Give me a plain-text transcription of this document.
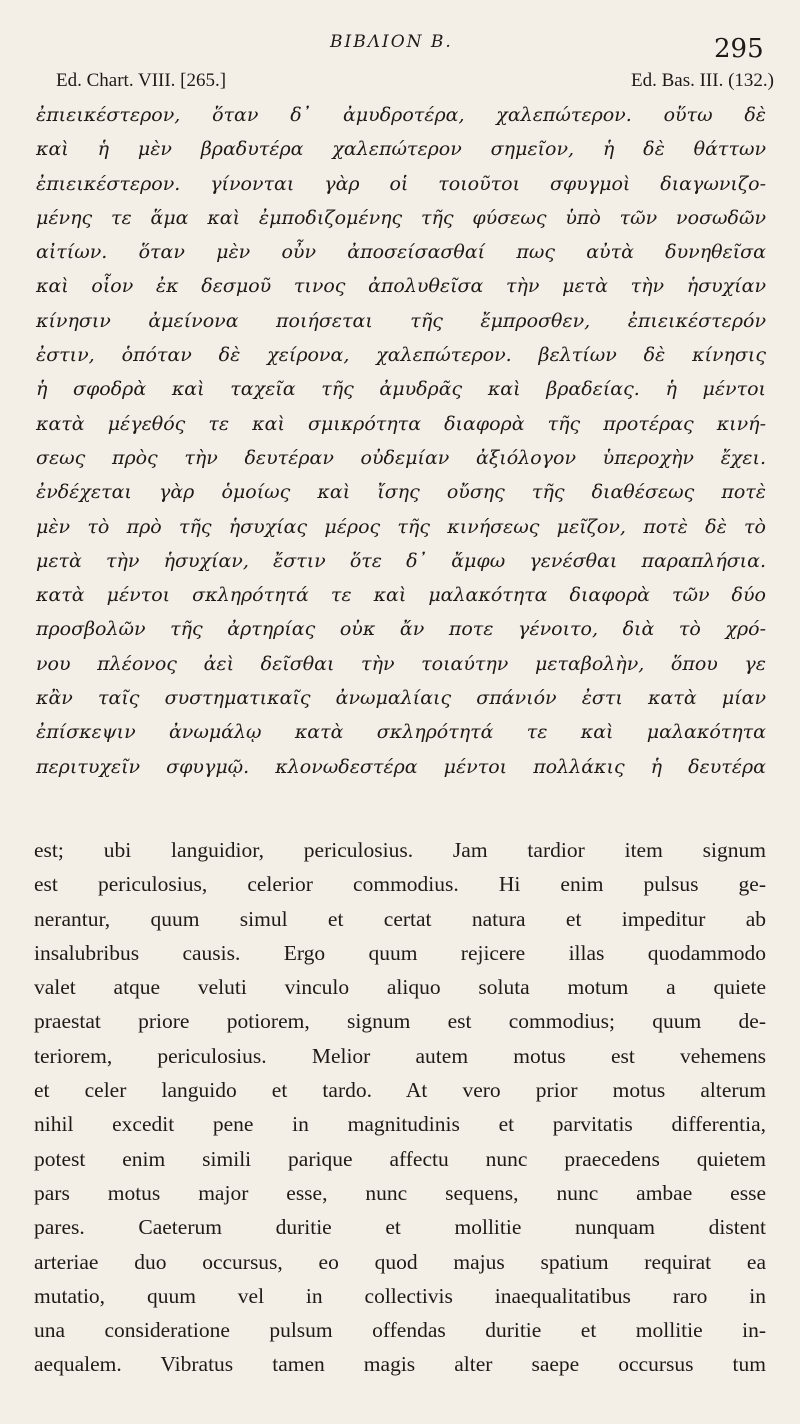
ΒΙΒΛΙΟΝ Β.	295
Ed. Chart. VIII. [265.]	Ed. Bas. III. (132.)
ἐπιεικέστερον, ὅταν δ᾽ ἀμυδροτέρα, χαλεπώτερον. οὕτω δὲ
καὶ ἡ μὲν βραδυτέρα χαλεπώτερον σημεῖον, ἡ δὲ θάττων
ἐπιεικέστερον. γίνονται γὰρ οἱ τοιοῦτοι σφυγμοὶ διαγωνιζο-
μένης τε ἅμα καὶ ἐμποδιζομένης τῆς φύσεως ὑπὸ τῶν νοσωδῶν
αἰτίων. ὅταν μὲν οὖν ἀποσείσασθαί πως αὐτὰ δυνηθεῖσα
καὶ οἷον ἐκ δεσμοῦ τινος ἀπολυθεῖσα τὴν μετὰ τὴν ἡσυχίαν
κίνησιν ἀμείνονα ποιήσεται τῆς ἔμπροσθεν, ἐπιεικέστερόν
ἐστιν, ὁπόταν δὲ χείρονα, χαλεπώτερον. βελτίων δὲ κίνησις
ἡ σφοδρὰ καὶ ταχεῖα τῆς ἀμυδρᾶς καὶ βραδείας. ἡ μέντοι
κατὰ μέγεθός τε καὶ σμικρότητα διαφορὰ τῆς προτέρας κινή-
σεως πρὸς τὴν δευτέραν οὐδεμίαν ἀξιόλογον ὑπεροχὴν ἔχει.
ἐνδέχεται γὰρ ὁμοίως καὶ ἴσης οὔσης τῆς διαθέσεως ποτὲ
μὲν τὸ πρὸ τῆς ἡσυχίας μέρος τῆς κινήσεως μεῖζον, ποτὲ δὲ τὸ
μετὰ τὴν ἡσυχίαν, ἔστιν ὅτε δ᾽ ἄμφω γενέσθαι παραπλήσια.
κατὰ μέντοι σκληρότητά τε καὶ μαλακότητα διαφορὰ τῶν δύο
προσβολῶν τῆς ἀρτηρίας οὐκ ἄν ποτε γένοιτο, διὰ τὸ χρό-
νου πλέονος ἀεὶ δεῖσθαι τὴν τοιαύτην μεταβολὴν, ὅπου γε
κἂν ταῖς συστηματικαῖς ἀνωμαλίαις σπάνιόν ἐστι κατὰ μίαν
ἐπίσκεψιν ἀνωμάλῳ κατὰ σκληρότητά τε καὶ μαλακότητα
περιτυχεῖν σφυγμῷ. κλονωδεστέρα μέντοι πολλάκις ἡ δευτέρα
est; ubi languidior, periculosius. Jam tardior item signum
est periculosius, celerior commodius. Hi enim pulsus ge-
nerantur, quum simul et certat natura et impeditur ab
insalubribus causis. Ergo quum rejicere illas quodammodo
valet atque veluti vinculo aliquo soluta motum a quiete
praestat priore potiorem, signum est commodius; quum de-
teriorem, periculosius. Melior autem motus est vehemens
et celer languido et tardo. At vero prior motus alterum
nihil excedit pene in magnitudinis et parvitatis differentia,
potest enim simili parique affectu nunc praecedens quietem
pars motus major esse, nunc sequens, nunc ambae esse
pares. Caeterum duritie et mollitie nunquam distent
arteriae duo occursus, eo quod majus spatium requirat ea
mutatio, quum vel in collectivis inaequalitatibus raro in
una consideratione pulsum offendas duritie et mollitie in-
aequalem. Vibratus tamen magis alter saepe occursus tum
